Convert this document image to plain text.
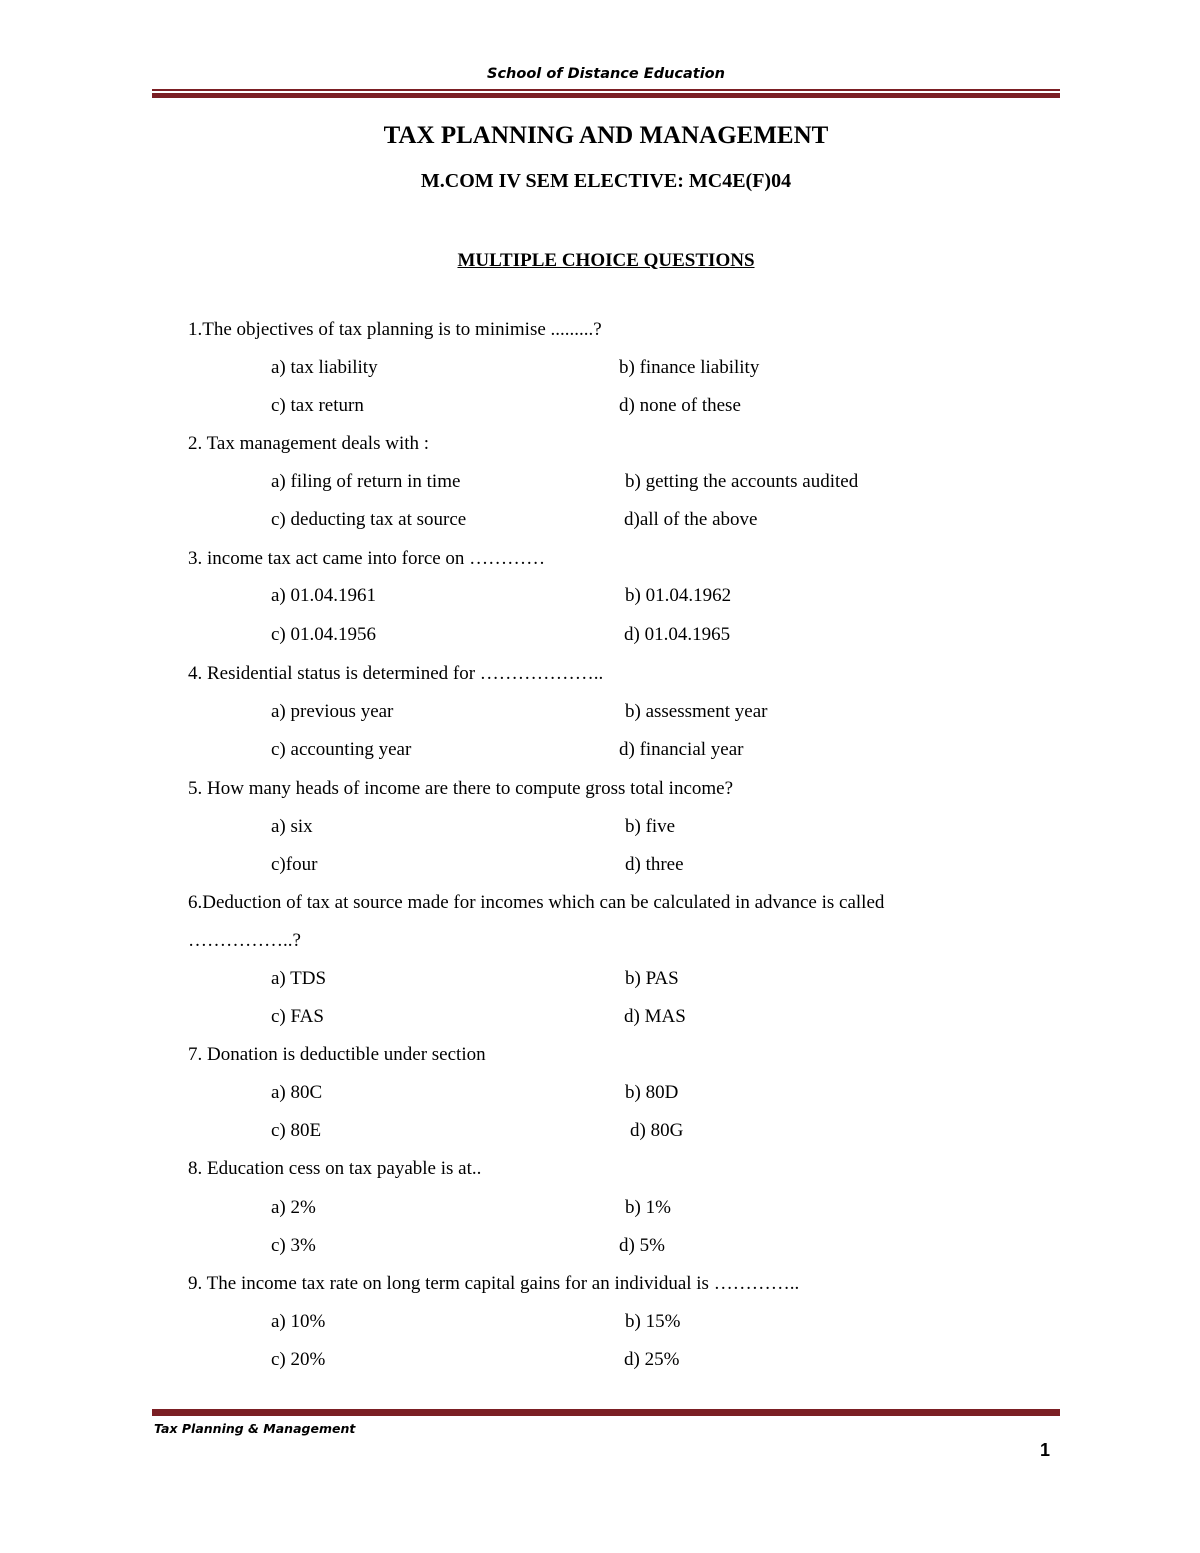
School of Distance Education
TAX PLANNING AND MANAGEMENT
M.COM IV SEM ELECTIVE: MC4E(F)04
MULTIPLE CHOICE QUESTIONS
1.The objectives of tax planning is to minimise .........?
a) tax liability	b) finance liability
c) tax return	d) none of these
2. Tax management deals with :
a) filing of return in time	b) getting the accounts audited
c) deducting tax at source	d)all of the above
3. income tax act came into force on …………
a) 01.04.1961	b) 01.04.1962
c) 01.04.1956	d) 01.04.1965
4. Residential status is determined for ………………..
a) previous year	b) assessment year
c) accounting year	d) financial year
5. How many heads of income are there to compute gross total income?
a) six	b) five
c)four	d) three
6.Deduction of tax at source made for incomes which can be calculated in advance is called
……………..?
a) TDS	b) PAS
c) FAS	d) MAS
7. Donation is deductible under section
a) 80C	b) 80D
c) 80E	d) 80G
8. Education cess on tax payable is at..
a) 2%	b) 1%
c) 3%	d) 5%
9. The income tax rate on long term capital gains for an individual is …………..
a) 10%	b) 15%
c) 20%	d) 25%
Tax Planning & Management
1
